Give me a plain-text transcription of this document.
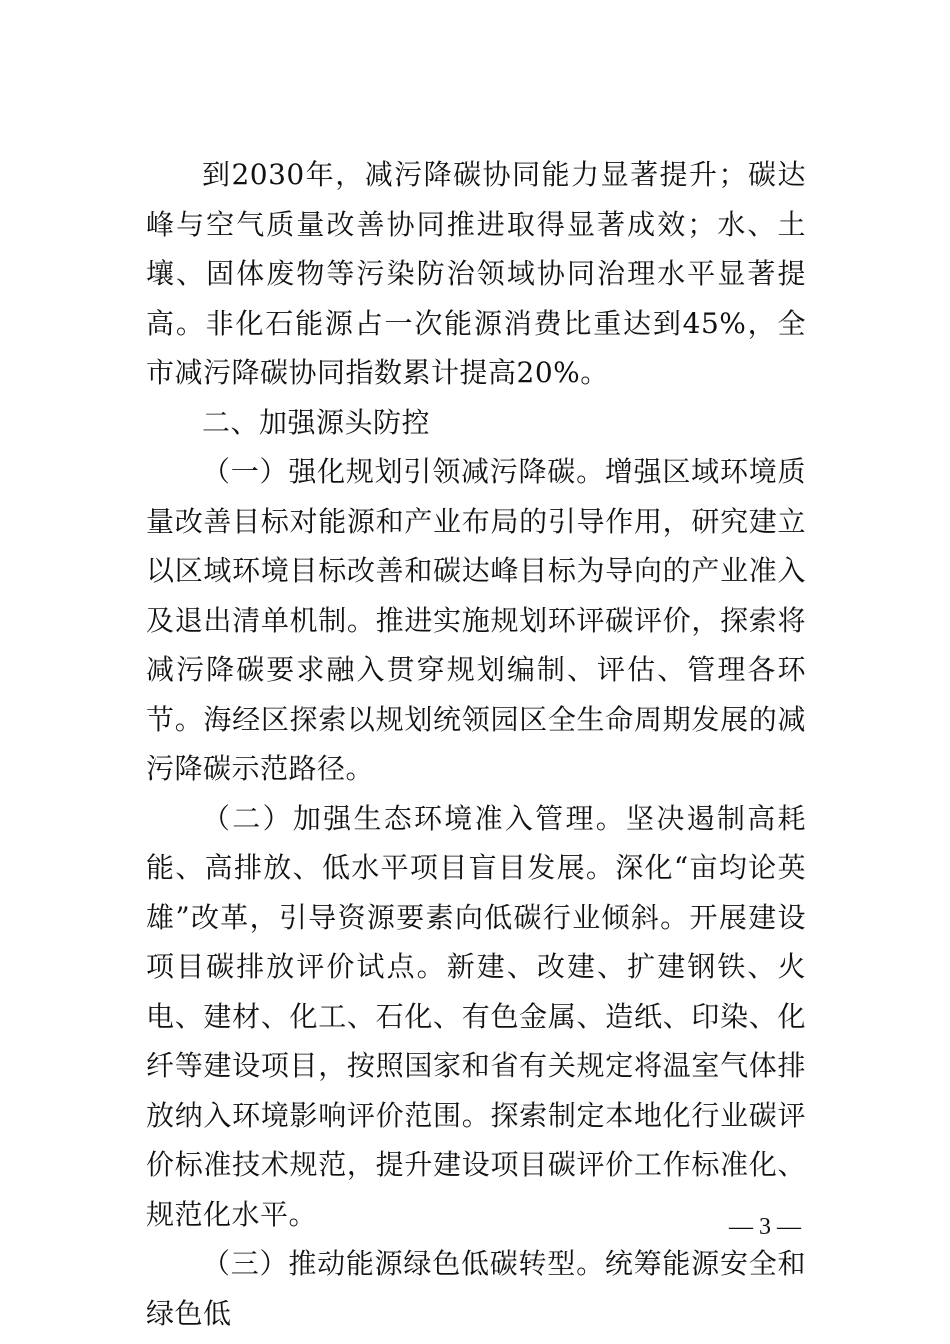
到2030年，减污降碳协同能力显著提升；碳达峰与空气质量改善协同推进取得显著成效；水、土壤、固体废物等污染防治领域协同治理水平显著提高。非化石能源占一次能源消费比重达到45%，全市减污降碳协同指数累计提高20%。

二、加强源头防控

（一）强化规划引领减污降碳。增强区域环境质量改善目标对能源和产业布局的引导作用，研究建立以区域环境目标改善和碳达峰目标为导向的产业准入及退出清单机制。推进实施规划环评碳评价，探索将减污降碳要求融入贯穿规划编制、评估、管理各环节。海经区探索以规划统领园区全生命周期发展的减污降碳示范路径。

（二）加强生态环境准入管理。坚决遏制高耗能、高排放、低水平项目盲目发展。深化“亩均论英雄”改革，引导资源要素向低碳行业倾斜。开展建设项目碳排放评价试点。新建、改建、扩建钢铁、火电、建材、化工、石化、有色金属、造纸、印染、化纤等建设项目，按照国家和省有关规定将温室气体排放纳入环境影响评价范围。探索制定本地化行业碳评价标准技术规范，提升建设项目碳评价工作标准化、规范化水平。

（三）推动能源绿色低碳转型。统筹能源安全和绿色低

— 3 —
